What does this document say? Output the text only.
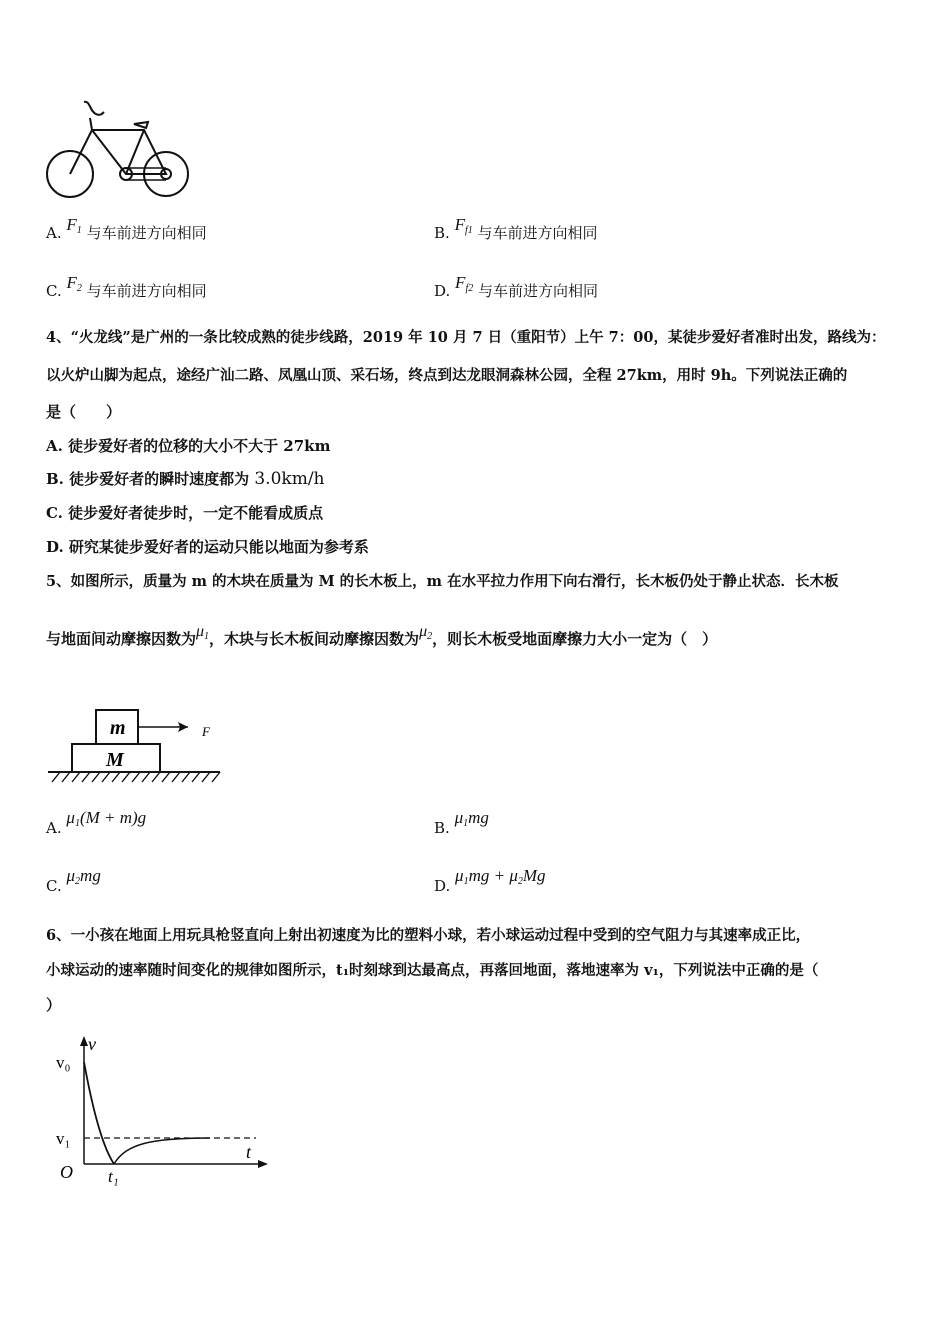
A. $F_1$ 与车前进方向相同	B. $F_{f1}$ 与车前进方向相同
C. $F_2$ 与车前进方向相同	D. $F_{f2}$ 与车前进方向相同
4、“火龙线”是广州的一条比较成熟的徒步线路，2019 年 10 月 7 日（重阳节）上午 7：00，某徒步爱好者准时出发，路线为：
以火炉山脚为起点，途经广汕二路、凤凰山顶、采石场，终点到达龙眼洞森林公园，全程 27km，用时 9h。下列说法正确的
是（　　）
A. 徒步爱好者的位移的大小不大于 27km
B. 徒步爱好者的瞬时速度都为 3.0km/h
C. 徒步爱好者徒步时，一定不能看成质点
D. 研究某徒步爱好者的运动只能以地面为参考系
5、如图所示，质量为 m 的木块在质量为 M 的长木板上，m 在水平拉力作用下向右滑行，长木板仍处于静止状态．长木板
与地面间动摩擦因数为$\mu_1$，木块与长木板间动摩擦因数为$\mu_2$，则长木板受地面摩擦力大小一定为（　）
m
M
F
A. $\mu_1(M + m)g$
B. $\mu_1mg$
C. $\mu_2mg$
D. $\mu_1mg + \mu_2Mg$
6、一小孩在地面上用玩具枪竖直向上射出初速度为比的塑料小球，若小球运动过程中受到的空气阻力与其速率成正比，
小球运动的速率随时间变化的规律如图所示，t₁时刻球到达最高点，再落回地面，落地速率为 v₁，下列说法中正确的是（
）
v
t
v₀
v₁
O t₁
